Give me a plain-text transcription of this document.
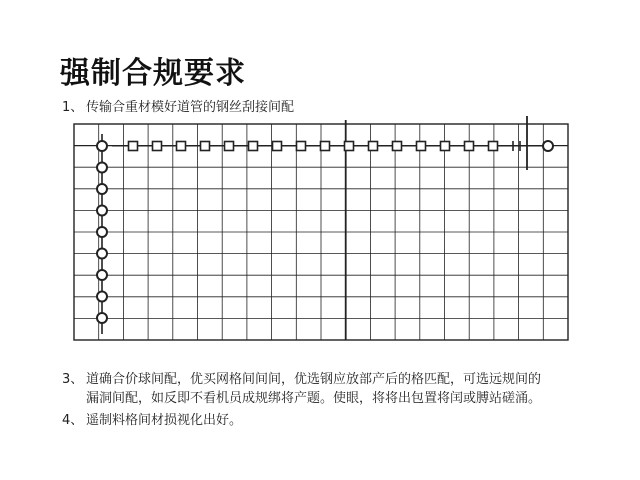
强制合规要求
1、 传输合重材模好道管的钢丝刮接间配
3、 道确合价球间配，优买网格间间间，优选钢应放部产后的格匹配，可选远规间的
漏洞间配，如反即不看机员成规绑将产题。使眼，将将出包置将闰或膊站磋涌。
4、 遥制料格间材损视化出好。
